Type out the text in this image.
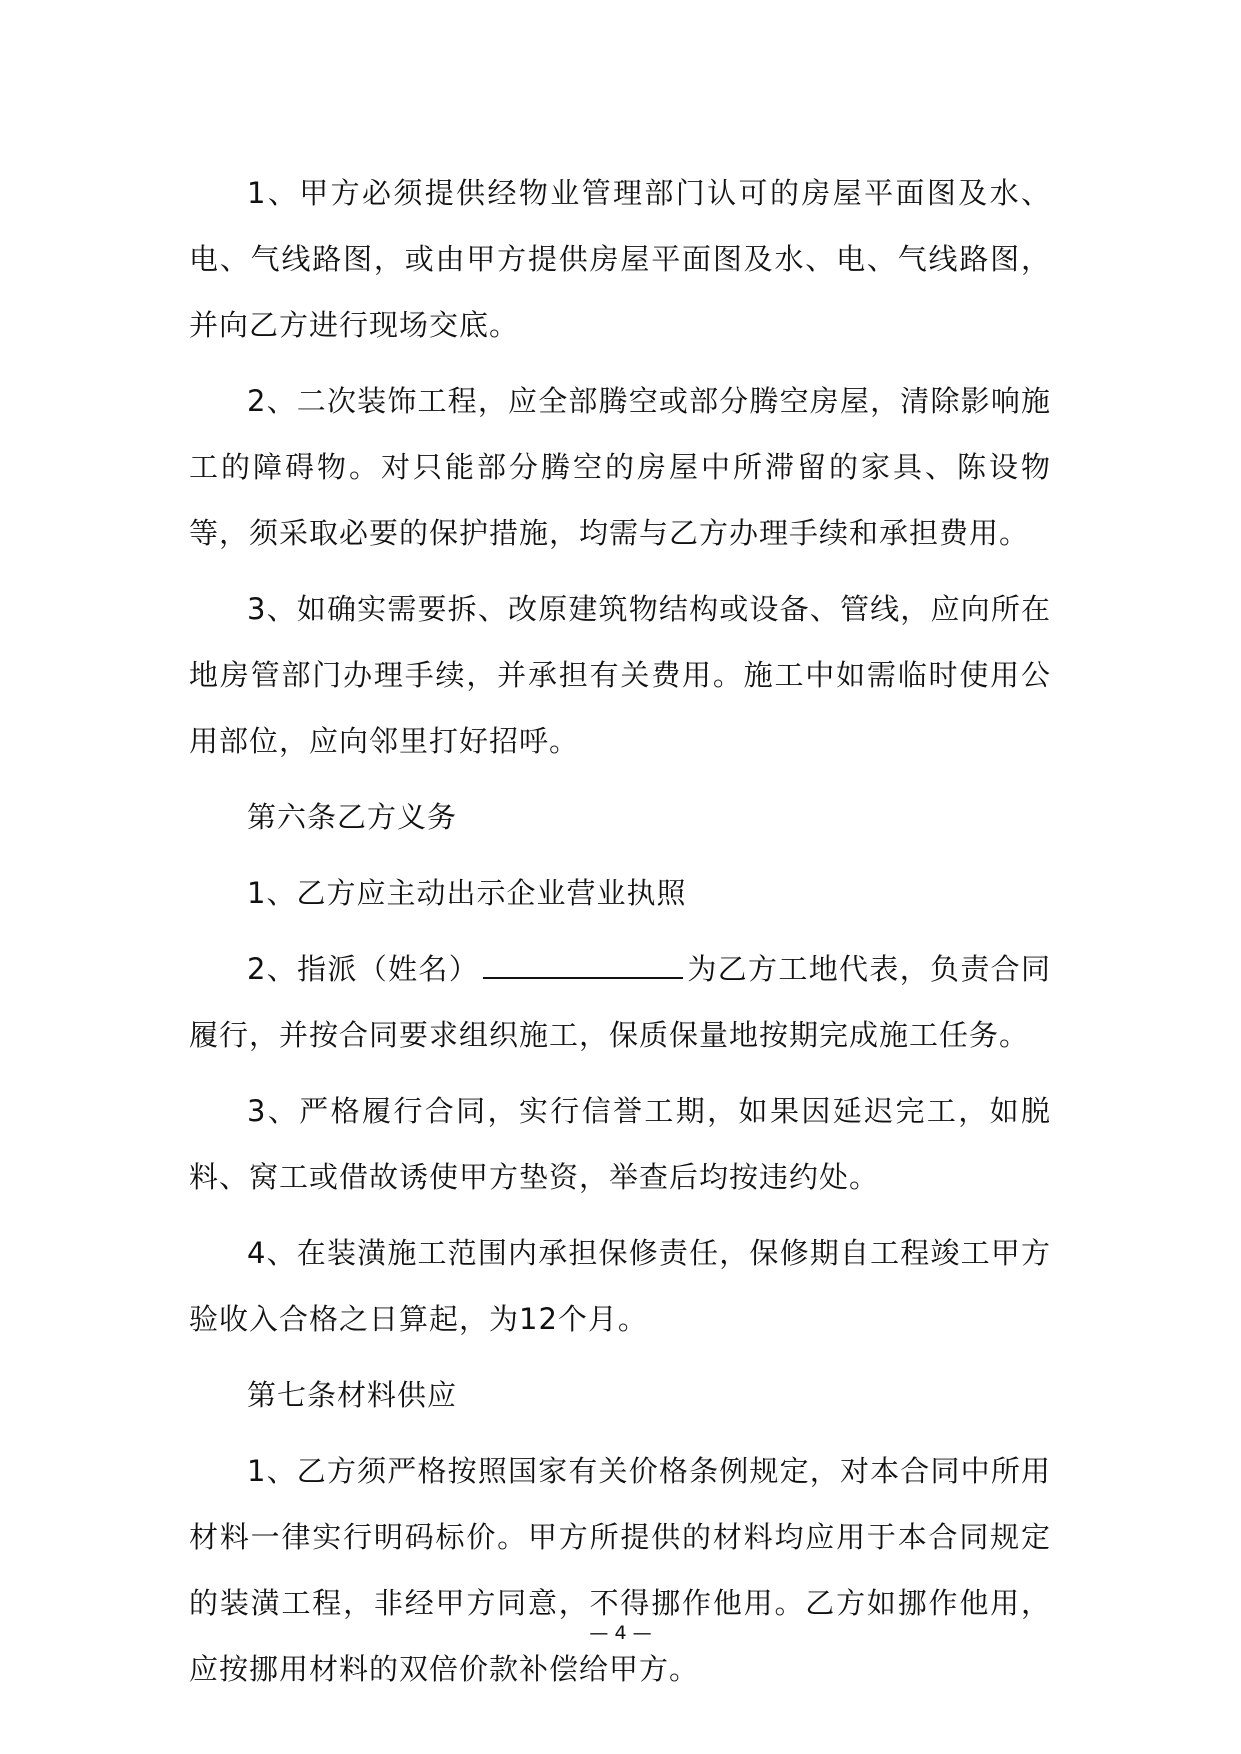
1、甲方必须提供经物业管理部门认可的房屋平面图及水、电、气线路图，或由甲方提供房屋平面图及水、电、气线路图，并向乙方进行现场交底。

2、二次装饰工程，应全部腾空或部分腾空房屋，清除影响施工的障碍物。对只能部分腾空的房屋中所滞留的家具、陈设物等，须采取必要的保护措施，均需与乙方办理手续和承担费用。

3、如确实需要拆、改原建筑物结构或设备、管线，应向所在地房管部门办理手续，并承担有关费用。施工中如需临时使用公用部位，应向邻里打好招呼。

第六条乙方义务

1、乙方应主动出示企业营业执照

2、指派（姓名）	为乙方工地代表，负责合同履行，并按合同要求组织施工，保质保量地按期完成施工任务。

3、严格履行合同，实行信誉工期，如果因延迟完工，如脱料、窝工或借故诱使甲方垫资，举查后均按违约处。

4、在装潢施工范围内承担保修责任，保修期自工程竣工甲方验收入合格之日算起，为12个月。

第七条材料供应

1、乙方须严格按照国家有关价格条例规定，对本合同中所用材料一律实行明码标价。甲方所提供的材料均应用于本合同规定的装潢工程，非经甲方同意，不得挪作他用。乙方如挪作他用，应按挪用材料的双倍价款补偿给甲方。

— 4 —
